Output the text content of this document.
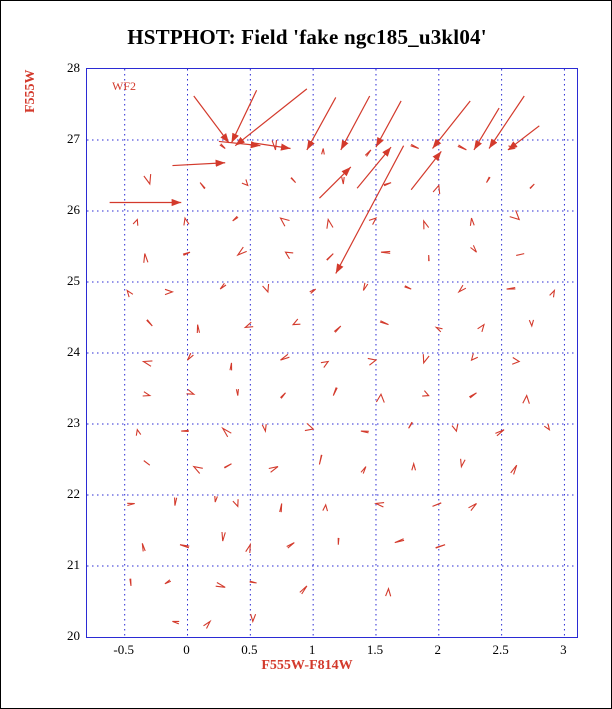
HSTPHOT: Field 'fake ngc185_u3kl04'
F555W
F555W-F814W
WF2
-0.5	0	0.5	1	1.5	2	2.5	3
20
21
22
23
24
25
26
27
28
